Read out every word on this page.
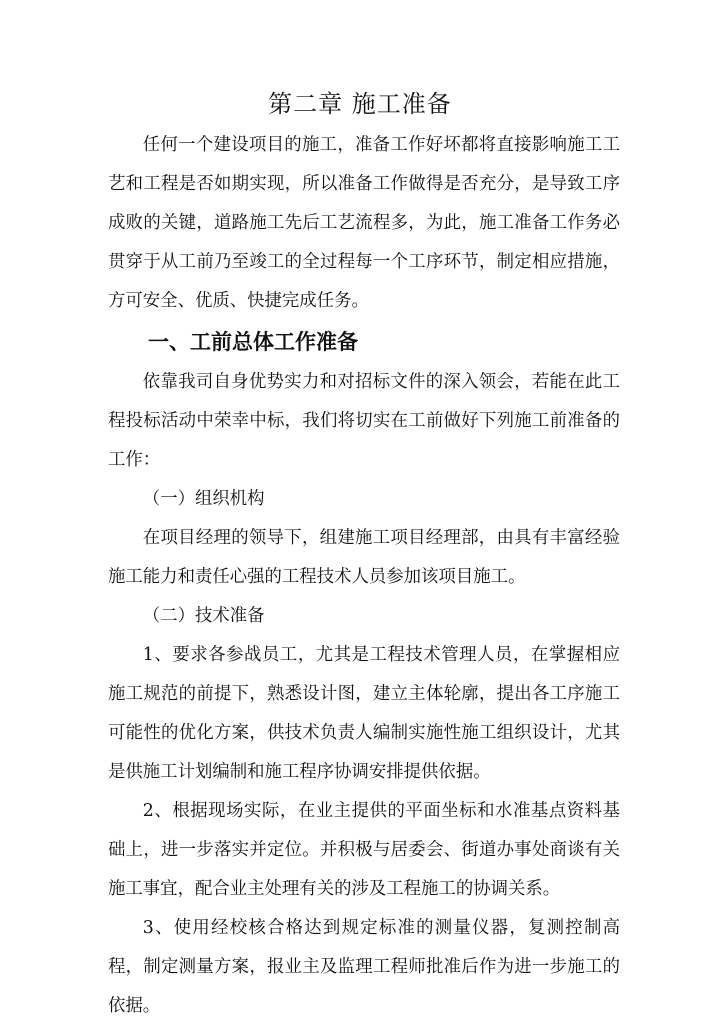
第二章 施工准备

任何一个建设项目的施工，准备工作好坏都将直接影响施工工艺和工程是否如期实现，所以准备工作做得是否充分，是导致工序成败的关键，道路施工先后工艺流程多，为此，施工准备工作务必贯穿于从工前乃至竣工的全过程每一个工序环节，制定相应措施，方可安全、优质、快捷完成任务。

一、工前总体工作准备

依靠我司自身优势实力和对招标文件的深入领会，若能在此工程投标活动中荣幸中标，我们将切实在工前做好下列施工前准备的工作：

（一）组织机构

在项目经理的领导下，组建施工项目经理部，由具有丰富经验施工能力和责任心强的工程技术人员参加该项目施工。

（二）技术准备

1、要求各参战员工，尤其是工程技术管理人员，在掌握相应施工规范的前提下，熟悉设计图，建立主体轮廓，提出各工序施工可能性的优化方案，供技术负责人编制实施性施工组织设计，尤其是供施工计划编制和施工程序协调安排提供依据。

2、根据现场实际，在业主提供的平面坐标和水准基点资料基础上，进一步落实并定位。并积极与居委会、街道办事处商谈有关施工事宜，配合业主处理有关的涉及工程施工的协调关系。

3、使用经校核合格达到规定标准的测量仪器，复测控制高程，制定测量方案，报业主及监理工程师批准后作为进一步施工的依据。
